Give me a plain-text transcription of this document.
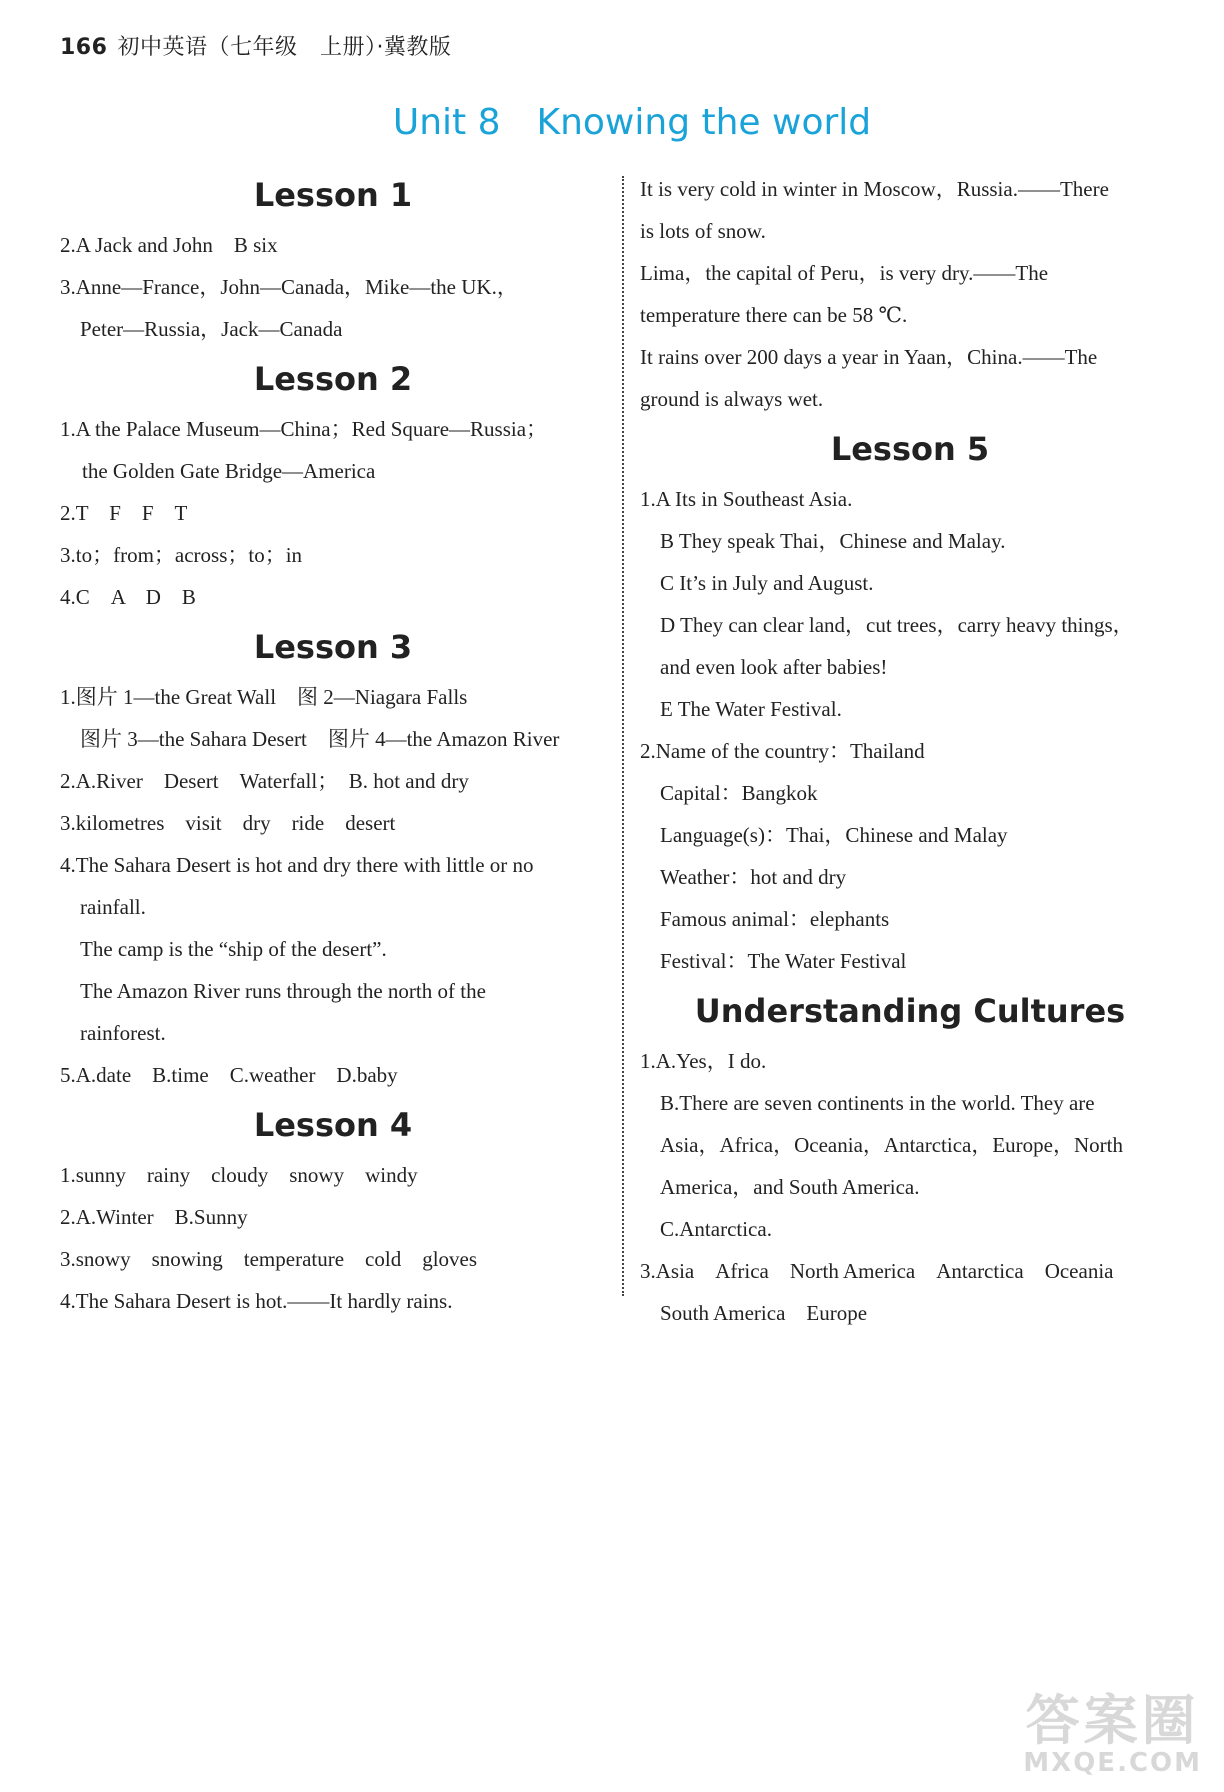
166 初中英语（七年级　上册）·冀教版
Unit 8 Knowing the world
Lesson 1

2.A Jack and John　B six

3.Anne—France，John—Canada，Mike—the UK.，

Peter—Russia，Jack—Canada

Lesson 2

1.A the Palace Museum—China；Red Square—Russia；

the Golden Gate Bridge—America

2.T　F　F　T

3.to；from；across；to；in

4.C　A　D　B

Lesson 3

1.图片 1—the Great Wall　图 2—Niagara Falls

图片 3—the Sahara Desert　图片 4—the Amazon River

2.A.River　Desert　Waterfall；　B. hot and dry

3.kilometres　visit　dry　ride　desert

4.The Sahara Desert is hot and dry there with little or no

rainfall.

The camp is the “ship of the desert”.

The Amazon River runs through the north of the

rainforest.

5.A.date　B.time　C.weather　D.baby

Lesson 4

1.sunny　rainy　cloudy　snowy　windy

2.A.Winter　B.Sunny

3.snowy　snowing　temperature　cold　gloves

4.The Sahara Desert is hot.——It hardly rains.

It is very cold in winter in Moscow，Russia.——There

is lots of snow.

Lima，the capital of Peru，is very dry.——The

temperature there can be 58 ℃.

It rains over 200 days a year in Yaan，China.——The

ground is always wet.

Lesson 5

1.A Its in Southeast Asia.

B They speak Thai，Chinese and Malay.

C It’s in July and August.

D They can clear land，cut trees，carry heavy things，

and even look after babies!

E The Water Festival.

2.Name of the country：Thailand

Capital：Bangkok

Language(s)：Thai，Chinese and Malay

Weather：hot and dry

Famous animal：elephants

Festival：The Water Festival

Understanding Cultures

1.A.Yes，I do.

B.There are seven continents in the world. They are

Asia，Africa，Oceania，Antarctica，Europe，North

America，and South America.

C.Antarctica.

3.Asia　Africa　North America　Antarctica　Oceania

South America　Europe

答案圈
MXQE.COM
